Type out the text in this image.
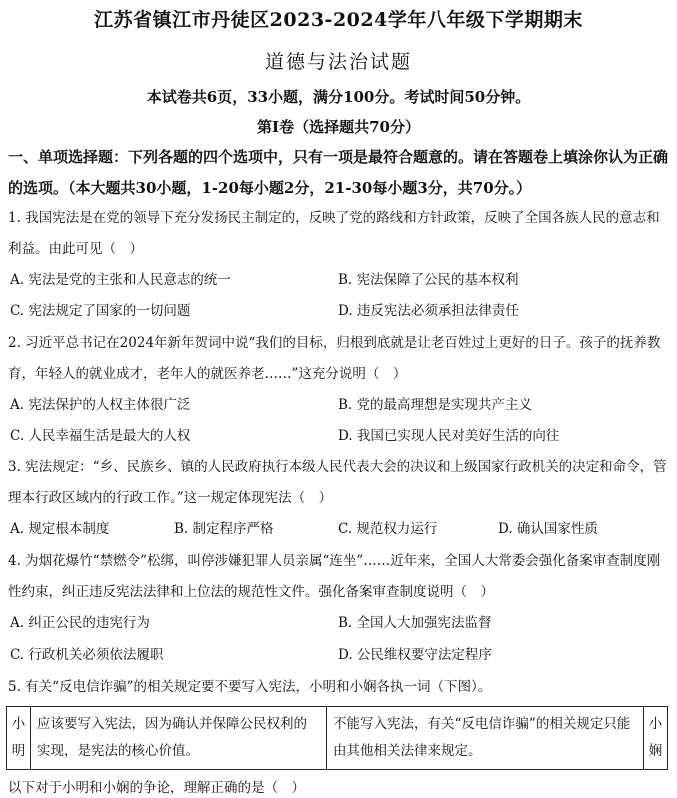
江苏省镇江市丹徒区2023-2024学年八年级下学期期末
道德与法治试题
本试卷共6页，33小题，满分100分。考试时间50分钟。
第Ⅰ卷（选择题共70分）
一、单项选择题：下列各题的四个选项中，只有一项是最符合题意的。请在答题卷上填涂你认为正确的选项。（本大题共30小题，1-20每小题2分，21-30每小题3分，共70分。）
1. 我国宪法是在党的领导下充分发扬民主制定的，反映了党的路线和方针政策，反映了全国各族人民的意志和利益。由此可见（　）
A. 宪法是党的主张和人民意志的统一	B. 宪法保障了公民的基本权利
C. 宪法规定了国家的一切问题	D. 违反宪法必须承担法律责任
2. 习近平总书记在2024年新年贺词中说“我们的目标，归根到底就是让老百姓过上更好的日子。孩子的抚养教育，年轻人的就业成才，老年人的就医养老……”这充分说明（　）
A. 宪法保护的人权主体很广泛	B. 党的最高理想是实现共产主义
C. 人民幸福生活是最大的人权	D. 我国已实现人民对美好生活的向往
3. 宪法规定：“乡、民族乡、镇的人民政府执行本级人民代表大会的决议和上级国家行政机关的决定和命令，管理本行政区域内的行政工作。”这一规定体现宪法（　）
A. 规定根本制度	B. 制定程序严格	C. 规范权力运行	D. 确认国家性质
4. 为烟花爆竹“禁燃令”松绑，叫停涉嫌犯罪人员亲属“连坐”……近年来，全国人大常委会强化备案审查制度刚性约束，纠正违反宪法法律和上位法的规范性文件。强化备案审查制度说明（　）
A. 纠正公民的违宪行为	B. 全国人大加强宪法监督
C. 行政机关必须依法履职	D. 公民维权要守法定程序
5. 有关“反电信诈骗”的相关规定要不要写入宪法，小明和小娴各执一词（下图）。
小明	应该要写入宪法，因为确认并保障公民权利的实现，是宪法的核心价值。	不能写入宪法，有关“反电信诈骗”的相关规定只能由其他相关法律来规定。	小娴
以下对于小明和小娴的争论，理解正确的是（　）
